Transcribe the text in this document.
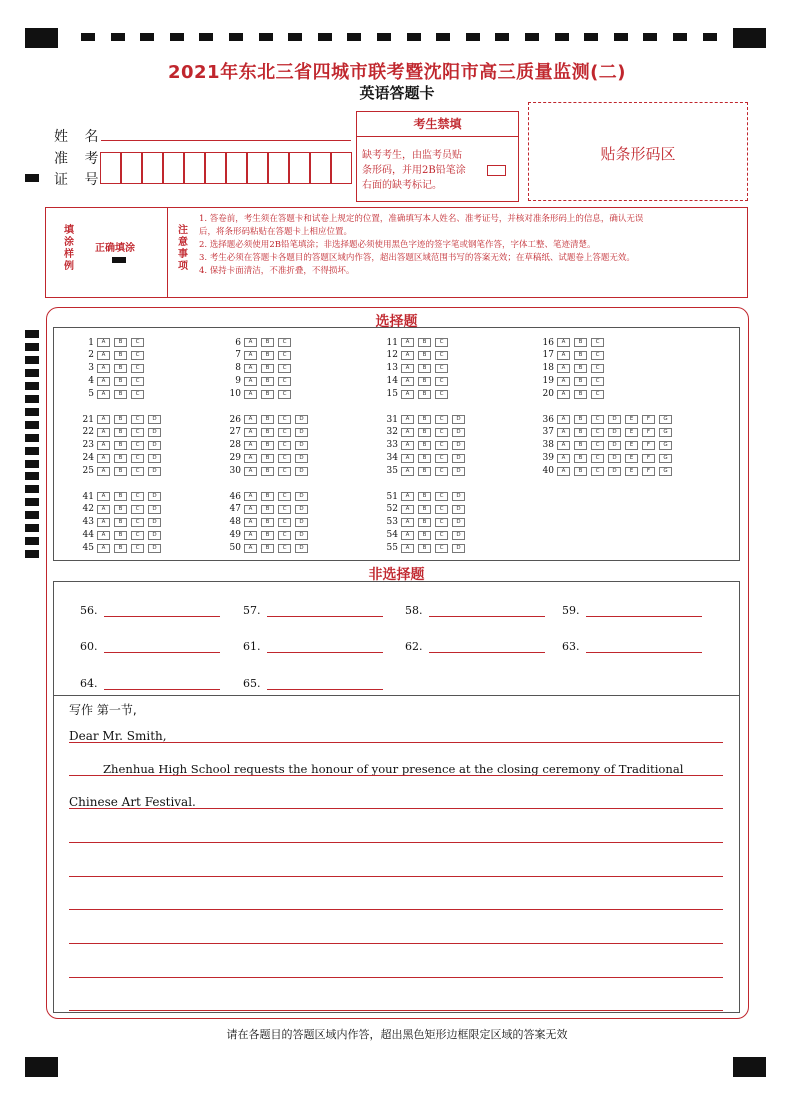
2021年东北三省四城市联考暨沈阳市高三质量监测(二)
英语答题卡
姓 名
准 考
证 号
考生禁填
缺考考生，由监考员贴
条形码，并用2B铅笔涂
右面的缺考标记。
贴条形码区
填
涂
样
例
正确填涂
注
意
事
项
1. 答卷前，考生须在答题卡和试卷上规定的位置，准确填写本人姓名、准考证号，并核对准条形码上的信息，确认无误
后，将条形码粘贴在答题卡上相应位置。
2. 选择题必须使用2B铅笔填涂；非选择题必须使用黑色字迹的签字笔或钢笔作答，字体工整、笔迹清楚。
3. 考生必须在答题卡各题目的答题区域内作答，超出答题区域范围书写的答案无效；在草稿纸、试题卷上答题无效。
4. 保持卡面清洁，不准折叠，不得损坏。
选择题
1	A	B	C
2	A	B	C
3	A	B	C
4	A	B	C
5	A	B	C
6	A	B	C
7	A	B	C
8	A	B	C
9	A	B	C
10	A	B	C
11	A	B	C
12	A	B	C
13	A	B	C
14	A	B	C
15	A	B	C
16	A	B	C
17	A	B	C
18	A	B	C
19	A	B	C
20	A	B	C
21	A	B	C	D
22	A	B	C	D
23	A	B	C	D
24	A	B	C	D
25	A	B	C	D
26	A	B	C	D
27	A	B	C	D
28	A	B	C	D
29	A	B	C	D
30	A	B	C	D
31	A	B	C	D
32	A	B	C	D
33	A	B	C	D
34	A	B	C	D
35	A	B	C	D
36	A	B	C	D	E	F	G
37	A	B	C	D	E	F	G
38	A	B	C	D	E	F	G
39	A	B	C	D	E	F	G
40	A	B	C	D	E	F	G
41	A	B	C	D
42	A	B	C	D
43	A	B	C	D
44	A	B	C	D
45	A	B	C	D
46	A	B	C	D
47	A	B	C	D
48	A	B	C	D
49	A	B	C	D
50	A	B	C	D
51	A	B	C	D
52	A	B	C	D
53	A	B	C	D
54	A	B	C	D
55	A	B	C	D
非选择题
56.	57.	58.	59.
60.	61.	62.	63.
64.	65.
写作 第一节,
Dear Mr. Smith,
Zhenhua High School requests the honour of your presence at the closing ceremony of Traditional
Chinese Art Festival.
请在各题目的答题区域内作答，超出黑色矩形边框限定区域的答案无效
